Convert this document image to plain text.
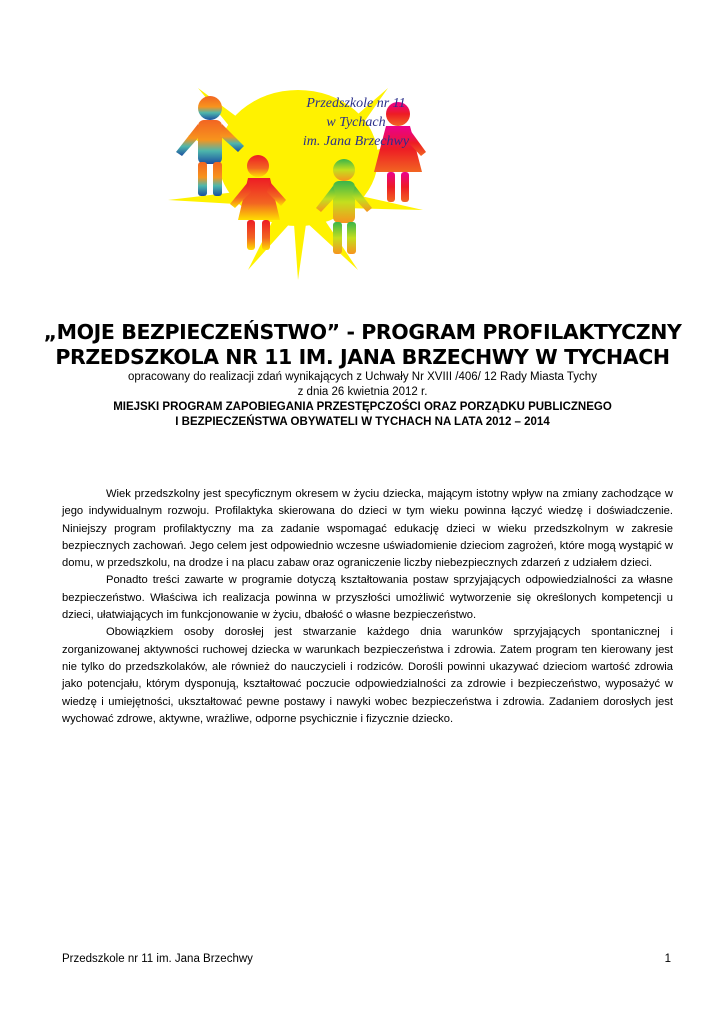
Przedszkole nr 11
w Tychach
im. Jana Brzechwy
„MOJE BEZPIECZEŃSTWO” - PROGRAM PROFILAKTYCZNY
PRZEDSZKOLA NR 11 IM. JANA BRZECHWY W TYCHACH
opracowany do realizacji zdań wynikających z Uchwały Nr XVIII /406/ 12 Rady Miasta Tychy
z dnia 26 kwietnia 2012 r.
MIEJSKI PROGRAM ZAPOBIEGANIA PRZESTĘPCZOŚCI ORAZ PORZĄDKU PUBLICZNEGO
I BEZPIECZEŃSTWA OBYWATELI W TYCHACH NA LATA 2012 – 2014

Wiek przedszkolny jest specyficznym okresem w życiu dziecka, mającym istotny wpływ na zmiany zachodzące w jego indywidualnym rozwoju. Profilaktyka skierowana do dzieci w tym wieku powinna łączyć wiedzę i doświadczenie. Niniejszy program profilaktyczny ma za zadanie wspomagać edukację dzieci w wieku przedszkolnym w zakresie bezpiecznych zachowań. Jego celem jest odpowiednio wczesne uświadomienie dzieciom zagrożeń, które mogą wystąpić w domu, w przedszkolu, na drodze i na placu zabaw oraz ograniczenie liczby niebezpiecznych zdarzeń z udziałem dzieci.

Ponadto treści zawarte w programie dotyczą kształtowania postaw sprzyjających odpowiedzialności za własne bezpieczeństwo. Właściwa ich realizacja powinna w przyszłości umożliwić wytworzenie się określonych kompetencji u dzieci, ułatwiających im funkcjonowanie w życiu, dbałość o własne bezpieczeństwo.

Obowiązkiem osoby dorosłej jest stwarzanie każdego dnia warunków sprzyjających spontanicznej i zorganizowanej aktywności ruchowej dziecka w warunkach bezpieczeństwa i zdrowia. Zatem program ten kierowany jest nie tylko do przedszkolaków, ale również do nauczycieli i rodziców. Dorośli powinni ukazywać dzieciom wartość zdrowia jako potencjału, którym dysponują, kształtować poczucie odpowiedzialności za zdrowie i bezpieczeństwo, wyposażyć w wiedzę i umiejętności, ukształtować pewne postawy i nawyki wobec bezpieczeństwa i zdrowia. Zadaniem dorosłych jest wychować zdrowe, aktywne, wrażliwe, odporne psychicznie i fizycznie dziecko.

Przedszkole nr 11 im. Jana Brzechwy	1
